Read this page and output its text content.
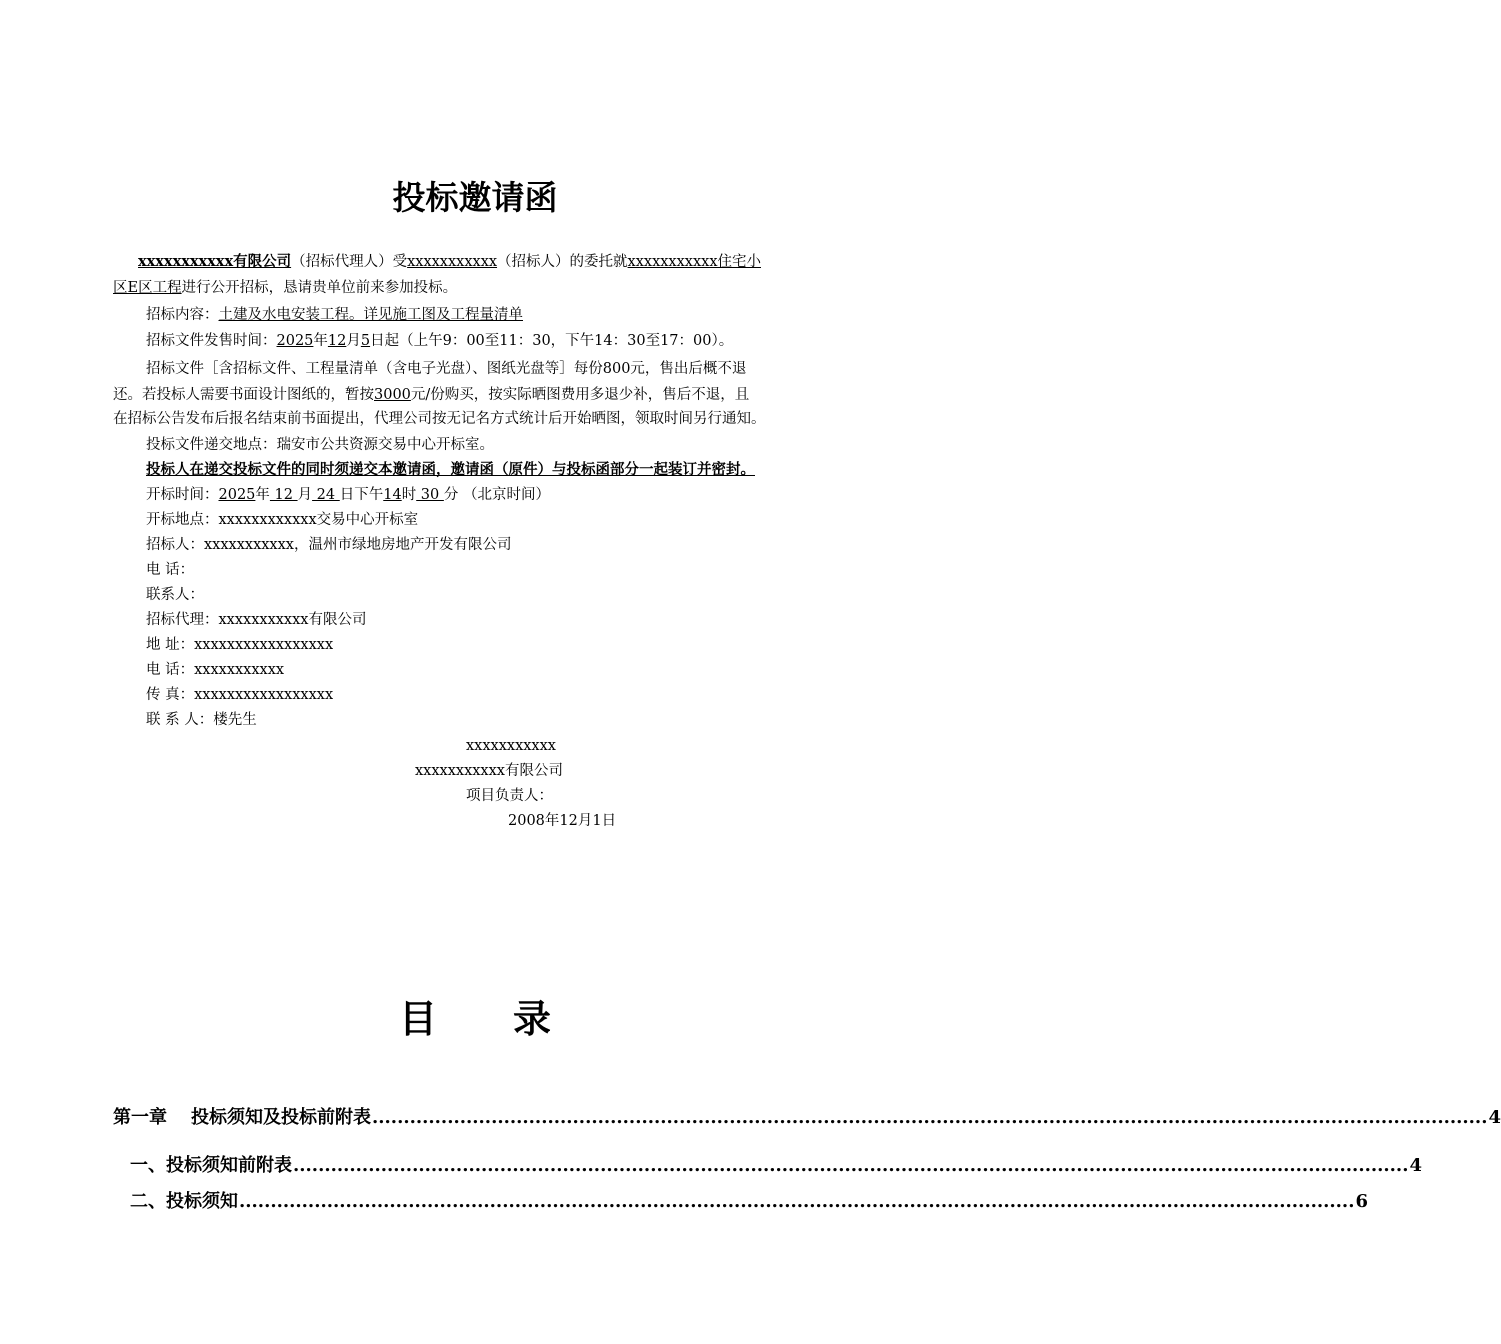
投标邀请函
xxxxxxxxxxx有限公司（招标代理人）受xxxxxxxxxxx（招标人）的委托就xxxxxxxxxxx住宅小
区E区工程进行公开招标，恳请贵单位前来参加投标。
招标内容：土建及水电安装工程。详见施工图及工程量清单
招标文件发售时间：2025年12月5日起（上午9：00至11：30，下午14：30至17：00）。
招标文件［含招标文件、工程量清单（含电子光盘）、图纸光盘等］每份800元，售出后概不退
还。若投标人需要书面设计图纸的，暂按3000元/份购买，按实际晒图费用多退少补，售后不退，且
在招标公告发布后报名结束前书面提出，代理公司按无记名方式统计后开始晒图，领取时间另行通知。
投标文件递交地点：瑞安市公共资源交易中心开标室。
投标人在递交投标文件的同时须递交本邀请函，邀请函（原件）与投标函部分一起装订并密封。
开标时间：2025年 12 月 24 日下午14时 30 分 （北京时间）
开标地点：xxxxxxxxxxxx交易中心开标室
招标人：xxxxxxxxxxx，温州市绿地房地产开发有限公司
电 话：
联系人：
招标代理：xxxxxxxxxxx有限公司
地 址：xxxxxxxxxxxxxxxxx
电 话：xxxxxxxxxxx
传 真：xxxxxxxxxxxxxxxxx
联 系 人：楼先生
xxxxxxxxxxx
xxxxxxxxxxx有限公司
项目负责人：
2008年12月1日
目 录
第一章 投标须知及投标前附表 .................................................................................................................................................................................. 4
一、投标须知前附表 .................................................................................................................................................................................. 4
二、投标须知 .................................................................................................................................................................................. 6
